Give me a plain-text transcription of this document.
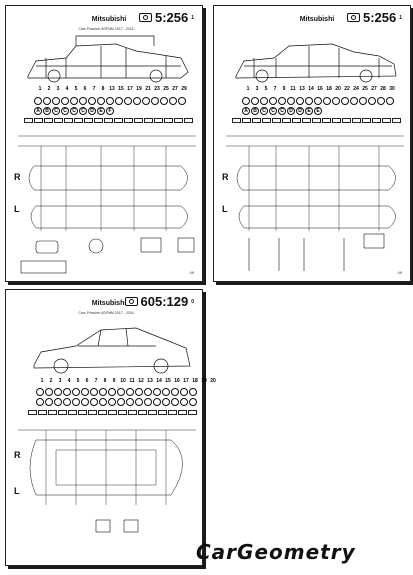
Mitsubishi
Cars Pinscher ADFMM 2017 - 2016
5:256 1
1	2	3	4	5	6	7	8 13 15 17 19 21 23 25 27 29
A	B	C	C	C	C	D	E	F
R
L
49
Mitsubishi	5:256 1
1	3	5	7	9 11 13 14 16 18 20 22 24 25 27 28 30
A	B	C	C	C	D	D	E	E
R
L
49
Mitsubishi
Cars Pinscher ADFMM 2017 - 2016
605:129 0
1	2	3	4	5	6	7	8	9 10 11 12 13 14 15 16 17 18 19 20
R
L
CarGeometry
